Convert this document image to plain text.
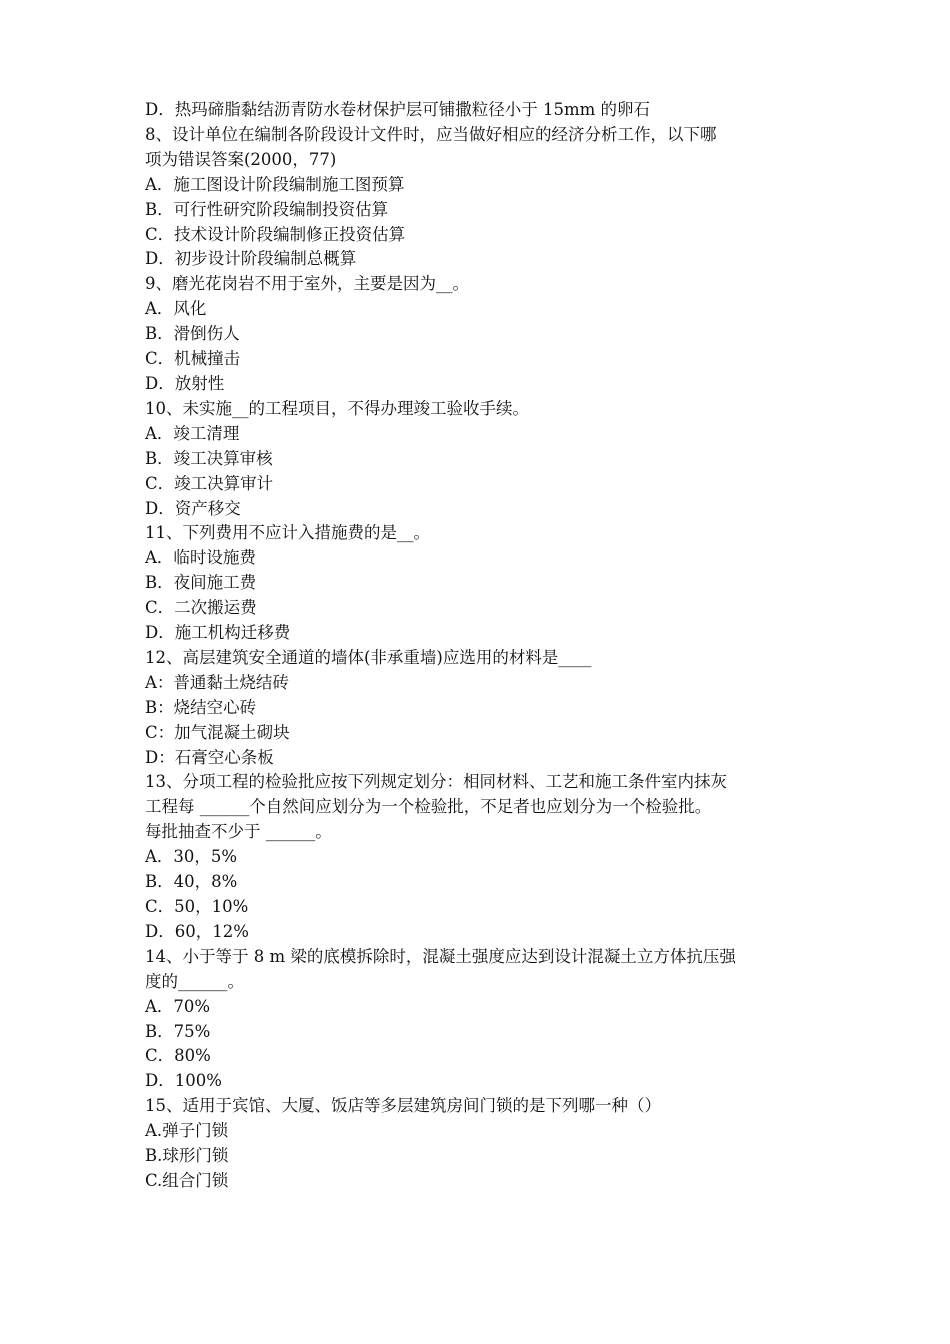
D．热玛碲脂黏结沥青防水卷材保护层可铺撒粒径小于 15mm 的卵石
8、设计单位在编制各阶段设计文件时，应当做好相应的经济分析工作，以下哪
项为错误答案(2000，77)
A．施工图设计阶段编制施工图预算
B．可行性研究阶段编制投资估算
C．技术设计阶段编制修正投资估算
D．初步设计阶段编制总概算
9、磨光花岗岩不用于室外，主要是因为__。
A．风化
B．滑倒伤人
C．机械撞击
D．放射性
10、未实施__的工程项目，不得办理竣工验收手续。
A．竣工清理
B．竣工决算审核
C．竣工决算审计
D．资产移交
11、下列费用不应计入措施费的是__。
A．临时设施费
B．夜间施工费
C．二次搬运费
D．施工机构迁移费
12、高层建筑安全通道的墙体(非承重墙)应选用的材料是____
A：普通黏土烧结砖
B：烧结空心砖
C：加气混凝土砌块
D：石膏空心条板
13、分项工程的检验批应按下列规定划分：相同材料、工艺和施工条件室内抹灰
工程每 ______个自然间应划分为一个检验批，不足者也应划分为一个检验批。
每批抽查不少于 ______。
A．30，5%
B．40，8%
C．50，10%
D．60，12%
14、小于等于 8 m 梁的底模拆除时，混凝土强度应达到设计混凝土立方体抗压强
度的______。
A．70%
B．75%
C．80%
D．100%
15、适用于宾馆、大厦、饭店等多层建筑房间门锁的是下列哪一种（）
A.弹子门锁
B.球形门锁
C.组合门锁
